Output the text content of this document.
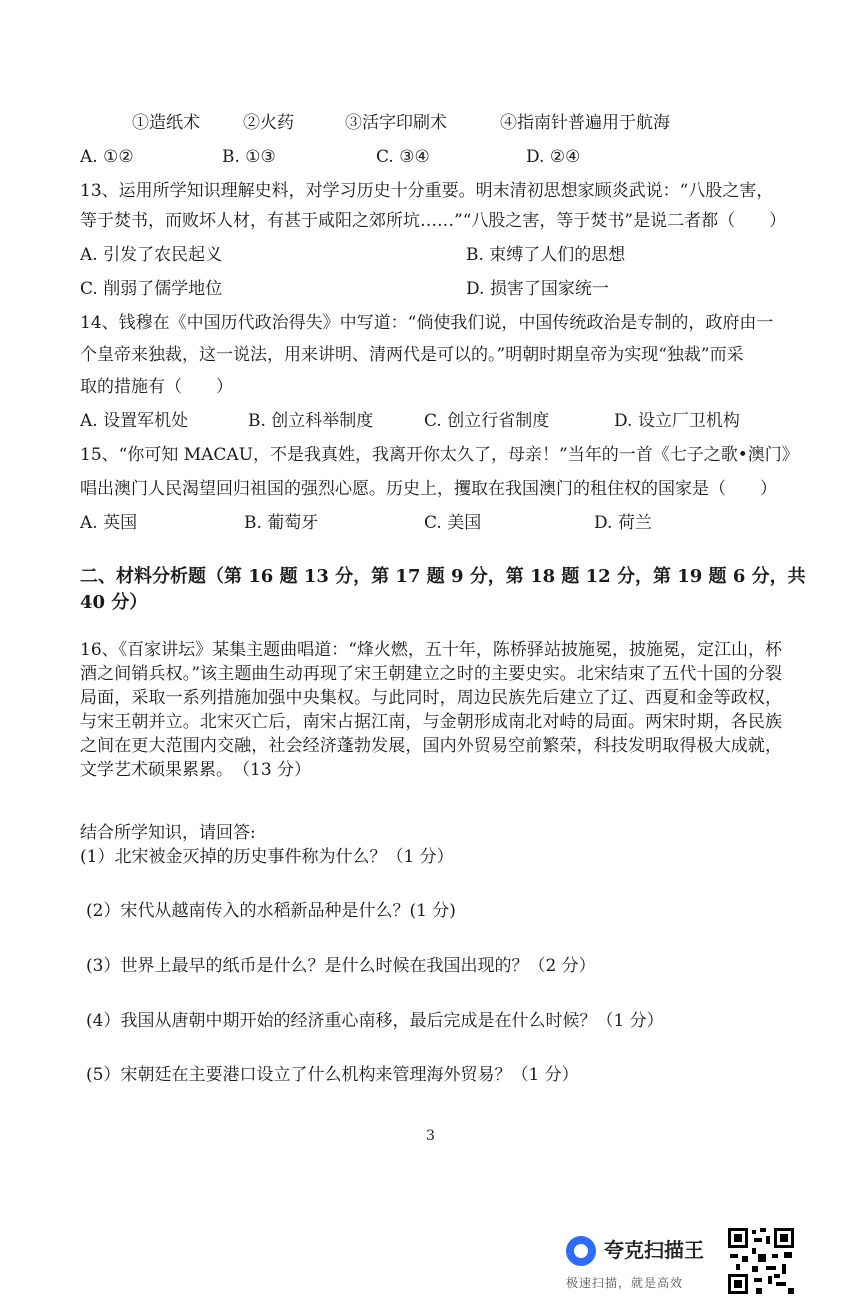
①造纸术	②火药	③活字印刷术	④指南针普遍用于航海
A. ①②	B. ①③	C. ③④	D. ②④
13、运用所学知识理解史料，对学习历史十分重要。明末清初思想家顾炎武说：“八股之害，
等于焚书，而败坏人材，有甚于咸阳之郊所坑……”“八股之害，等于焚书”是说二者都（　　）
A. 引发了农民起义	B. 束缚了人们的思想
C. 削弱了儒学地位	D. 损害了国家统一
14、钱穆在《中国历代政治得失》中写道：“倘使我们说，中国传统政治是专制的，政府由一
个皇帝来独裁，这一说法，用来讲明、清两代是可以的。”明朝时期皇帝为实现“独裁”而采
取的措施有（　　）
A. 设置军机处	B. 创立科举制度	C. 创立行省制度	D. 设立厂卫机构
15、“你可知 MACAU，不是我真姓，我离开你太久了，母亲！”当年的一首《七子之歌•澳门》
唱出澳门人民渴望回归祖国的强烈心愿。历史上，攫取在我国澳门的租住权的国家是（　　）
A. 英国	B. 葡萄牙	C. 美国	D. 荷兰
二、材料分析题（第 16 题 13 分，第 17 题 9 分，第 18 题 12 分，第 19 题 6 分，共
40 分）
16、《百家讲坛》某集主题曲唱道：“烽火燃，五十年，陈桥驿站披施冕，披施冕，定江山，杯酒之间销兵权。”该主题曲生动再现了宋王朝建立之时的主要史实。北宋结束了五代十国的分裂局面，采取一系列措施加强中央集权。与此同时，周边民族先后建立了辽、西夏和金等政权，与宋王朝并立。北宋灭亡后，南宋占据江南，与金朝形成南北对峙的局面。两宋时期，各民族之间在更大范围内交融，社会经济蓬勃发展，国内外贸易空前繁荣，科技发明取得极大成就，文学艺术硕果累累。　（13 分）
结合所学知识，请回答:
(1）北宋被金灭掉的历史事件称为什么？（1 分）
(2）宋代从越南传入的水稻新品种是什么？(1 分)
(3）世界上最早的纸币是什么？是什么时候在我国出现的？（2 分）
(4）我国从唐朝中期开始的经济重心南移，最后完成是在什么时候？（1 分）
(5）宋朝廷在主要港口设立了什么机构来管理海外贸易？（1 分）
3
夸克扫描王
极速扫描，就是高效
